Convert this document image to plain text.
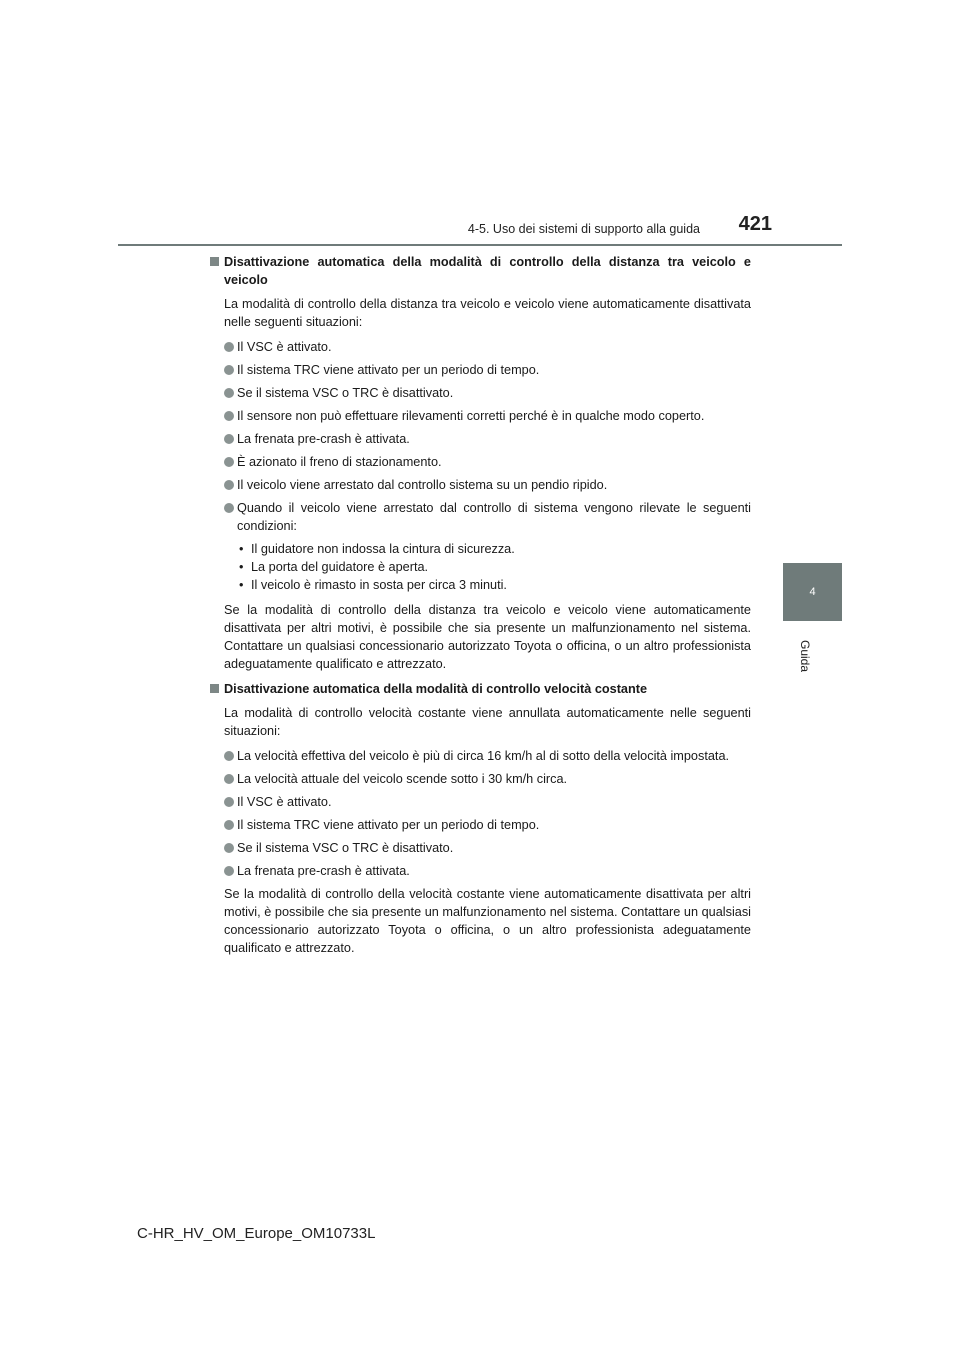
4-5. Uso dei sistemi di supporto alla guida 421
4
Guida
Disattivazione automatica della modalità di controllo della distanza tra veicolo e veicolo
La modalità di controllo della distanza tra veicolo e veicolo viene automaticamente disattivata nelle seguenti situazioni:
Il VSC è attivato.
Il sistema TRC viene attivato per un periodo di tempo.
Se il sistema VSC o TRC è disattivato.
Il sensore non può effettuare rilevamenti corretti perché è in qualche modo coperto.
La frenata pre-crash è attivata.
È azionato il freno di stazionamento.
Il veicolo viene arrestato dal controllo sistema su un pendio ripido.
Quando il veicolo viene arrestato dal controllo di sistema vengono rilevate le seguenti condizioni:
• Il guidatore non indossa la cintura di sicurezza.
• La porta del guidatore è aperta.
• Il veicolo è rimasto in sosta per circa 3 minuti.
Se la modalità di controllo della distanza tra veicolo e veicolo viene automaticamente disattivata per altri motivi, è possibile che sia presente un malfunzionamento nel sistema. Contattare un qualsiasi concessionario autorizzato Toyota o officina, o un altro professionista adeguatamente qualificato e attrezzato.
Disattivazione automatica della modalità di controllo velocità costante
La modalità di controllo velocità costante viene annullata automaticamente nelle seguenti situazioni:
La velocità effettiva del veicolo è più di circa 16 km/h al di sotto della velocità impostata.
La velocità attuale del veicolo scende sotto i 30 km/h circa.
Il VSC è attivato.
Il sistema TRC viene attivato per un periodo di tempo.
Se il sistema VSC o TRC è disattivato.
La frenata pre-crash è attivata.
Se la modalità di controllo della velocità costante viene automaticamente disattivata per altri motivi, è possibile che sia presente un malfunzionamento nel sistema. Contattare un qualsiasi concessionario autorizzato Toyota o officina, o un altro professionista adeguatamente qualificato e attrezzato.
C-HR_HV_OM_Europe_OM10733L
